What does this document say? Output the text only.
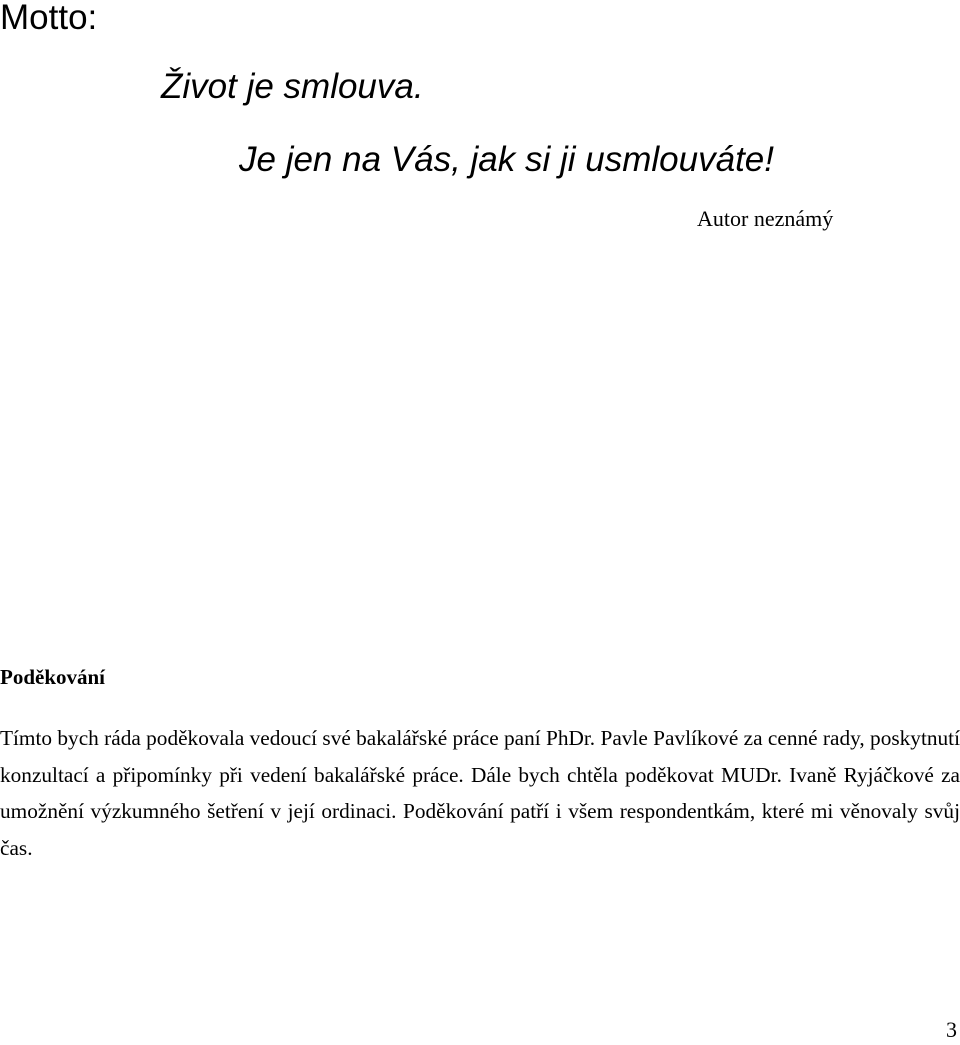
Motto:
Život je smlouva.
Je jen na Vás, jak si ji usmlouváte!
Autor neznámý
Poděkování

Tímto bych ráda poděkovala vedoucí své bakalářské práce paní PhDr. Pavle Pavlíkové za cenné rady, poskytnutí konzultací a připomínky při vedení bakalářské práce. Dále bych chtěla poděkovat MUDr. Ivaně Ryjáčkové za umožnění výzkumného šetření v její ordinaci. Poděkování patří i všem respondentkám, které mi věnovaly svůj čas.

3
